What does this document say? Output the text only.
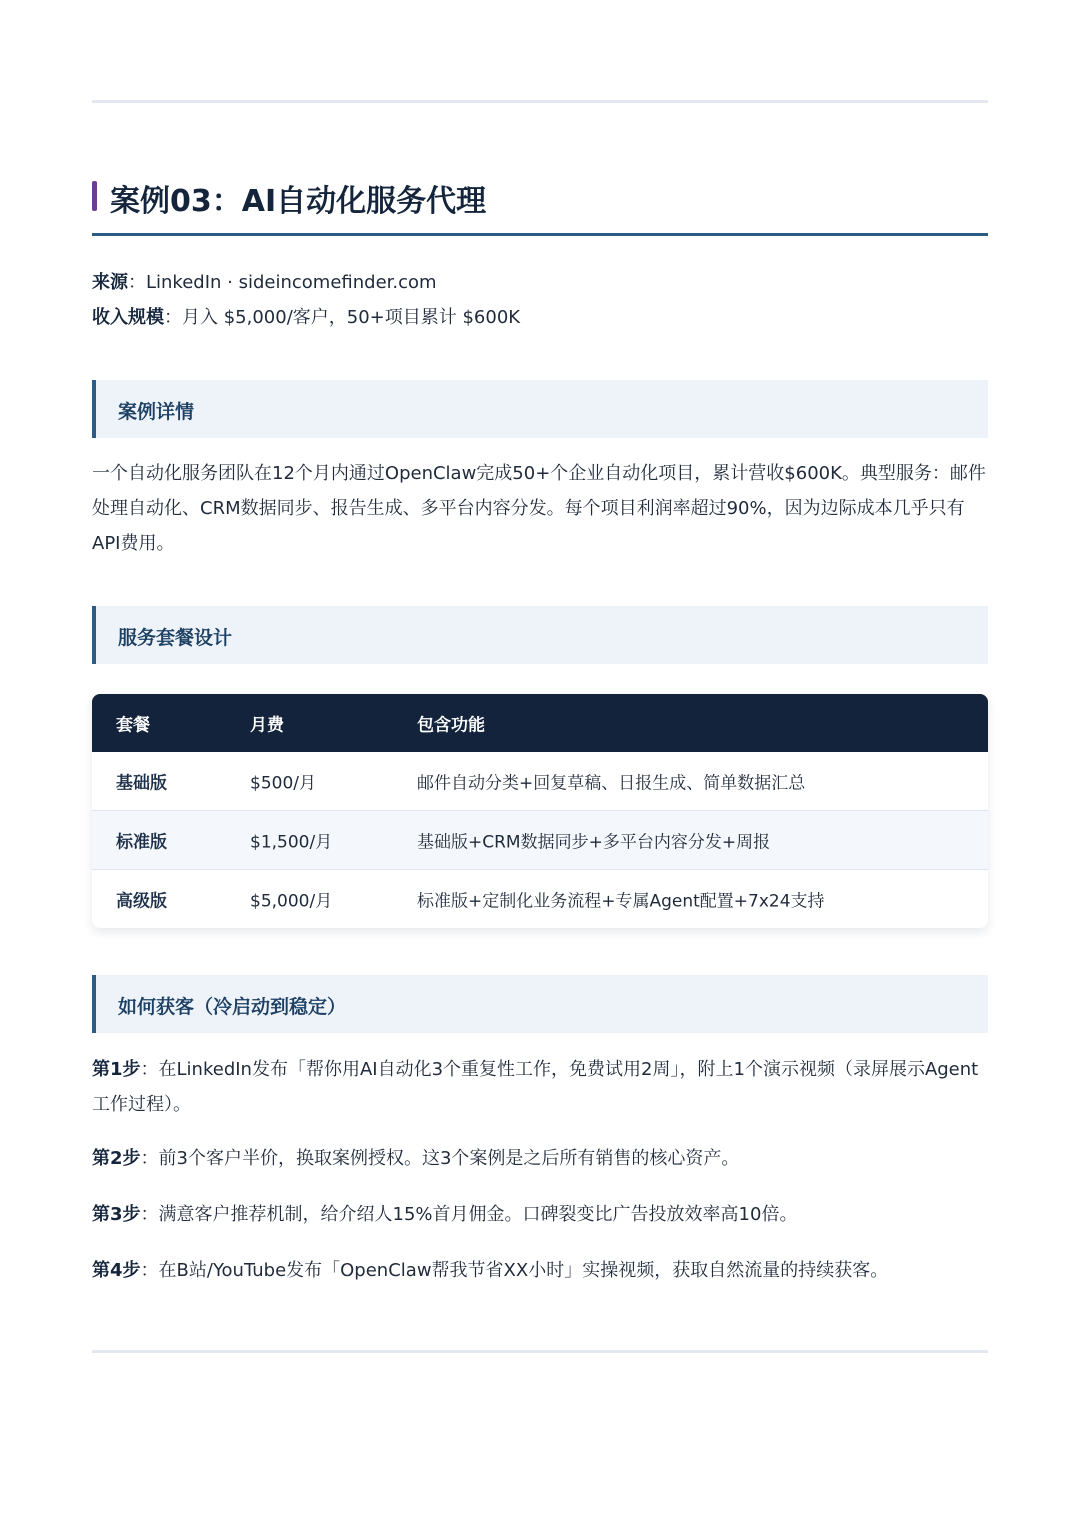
案例03：AI自动化服务代理
来源：LinkedIn · sideincomefinder.com
收入规模：月入 $5,000/客户，50+项目累计 $600K
案例详情
一个自动化服务团队在12个月内通过OpenClaw完成50+个企业自动化项目，累计营收$600K。典型服务：邮件处理自动化、CRM数据同步、报告生成、多平台内容分发。每个项目利润率超过90%，因为边际成本几乎只有API费用。
服务套餐设计
套餐	月费	包含功能
基础版	$500/月	邮件自动分类+回复草稿、日报生成、简单数据汇总
标准版	$1,500/月	基础版+CRM数据同步+多平台内容分发+周报
高级版	$5,000/月	标准版+定制化业务流程+专属Agent配置+7x24支持
如何获客（冷启动到稳定）
第1步：在LinkedIn发布「帮你用AI自动化3个重复性工作，免费试用2周」，附上1个演示视频（录屏展示Agent工作过程）。
第2步：前3个客户半价，换取案例授权。这3个案例是之后所有销售的核心资产。
第3步：满意客户推荐机制，给介绍人15%首月佣金。口碑裂变比广告投放效率高10倍。
第4步：在B站/YouTube发布「OpenClaw帮我节省XX小时」实操视频，获取自然流量的持续获客。
